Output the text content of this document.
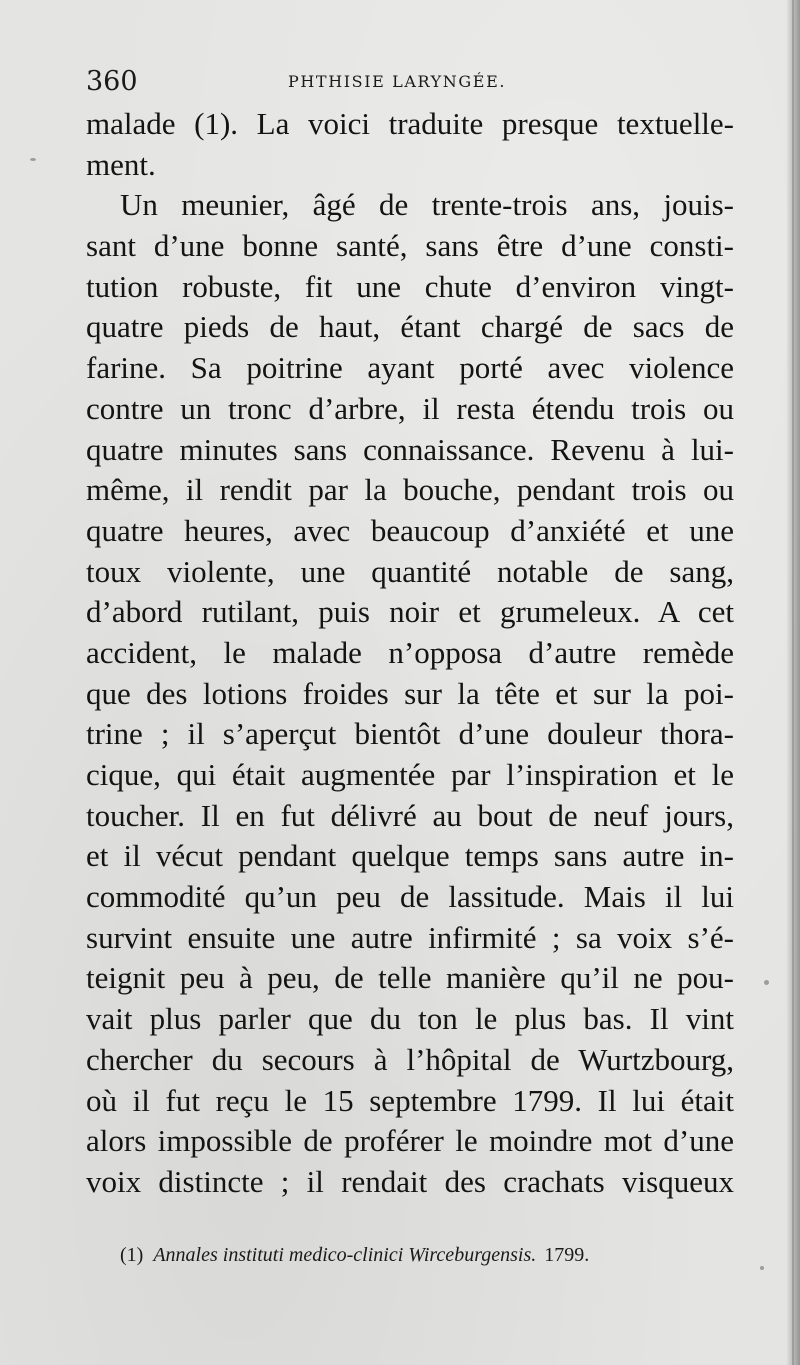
360	PHTHISIE LARYNGÉE.
malade (1). La voici traduite presque textuelle-
ment.
Un meunier, âgé de trente-trois ans, jouis-
sant d’une bonne santé, sans être d’une consti-
tution robuste, fit une chute d’environ vingt-
quatre pieds de haut, étant chargé de sacs de
farine. Sa poitrine ayant porté avec violence
contre un tronc d’arbre, il resta étendu trois ou
quatre minutes sans connaissance. Revenu à lui-
même, il rendit par la bouche, pendant trois ou
quatre heures, avec beaucoup d’anxiété et une
toux violente, une quantité notable de sang,
d’abord rutilant, puis noir et grumeleux. A cet
accident, le malade n’opposa d’autre remède
que des lotions froides sur la tête et sur la poi-
trine ; il s’aperçut bientôt d’une douleur thora-
cique, qui était augmentée par l’inspiration et le
toucher. Il en fut délivré au bout de neuf jours,
et il vécut pendant quelque temps sans autre in-
commodité qu’un peu de lassitude. Mais il lui
survint ensuite une autre infirmité ; sa voix s’é-
teignit peu à peu, de telle manière qu’il ne pou-
vait plus parler que du ton le plus bas. Il vint
chercher du secours à l’hôpital de Wurtzbourg,
où il fut reçu le 15 septembre 1799. Il lui était
alors impossible de proférer le moindre mot d’une
voix distincte ; il rendait des crachats visqueux
(1) Annales instituti medico-clinici Wirceburgensis. 1799.
